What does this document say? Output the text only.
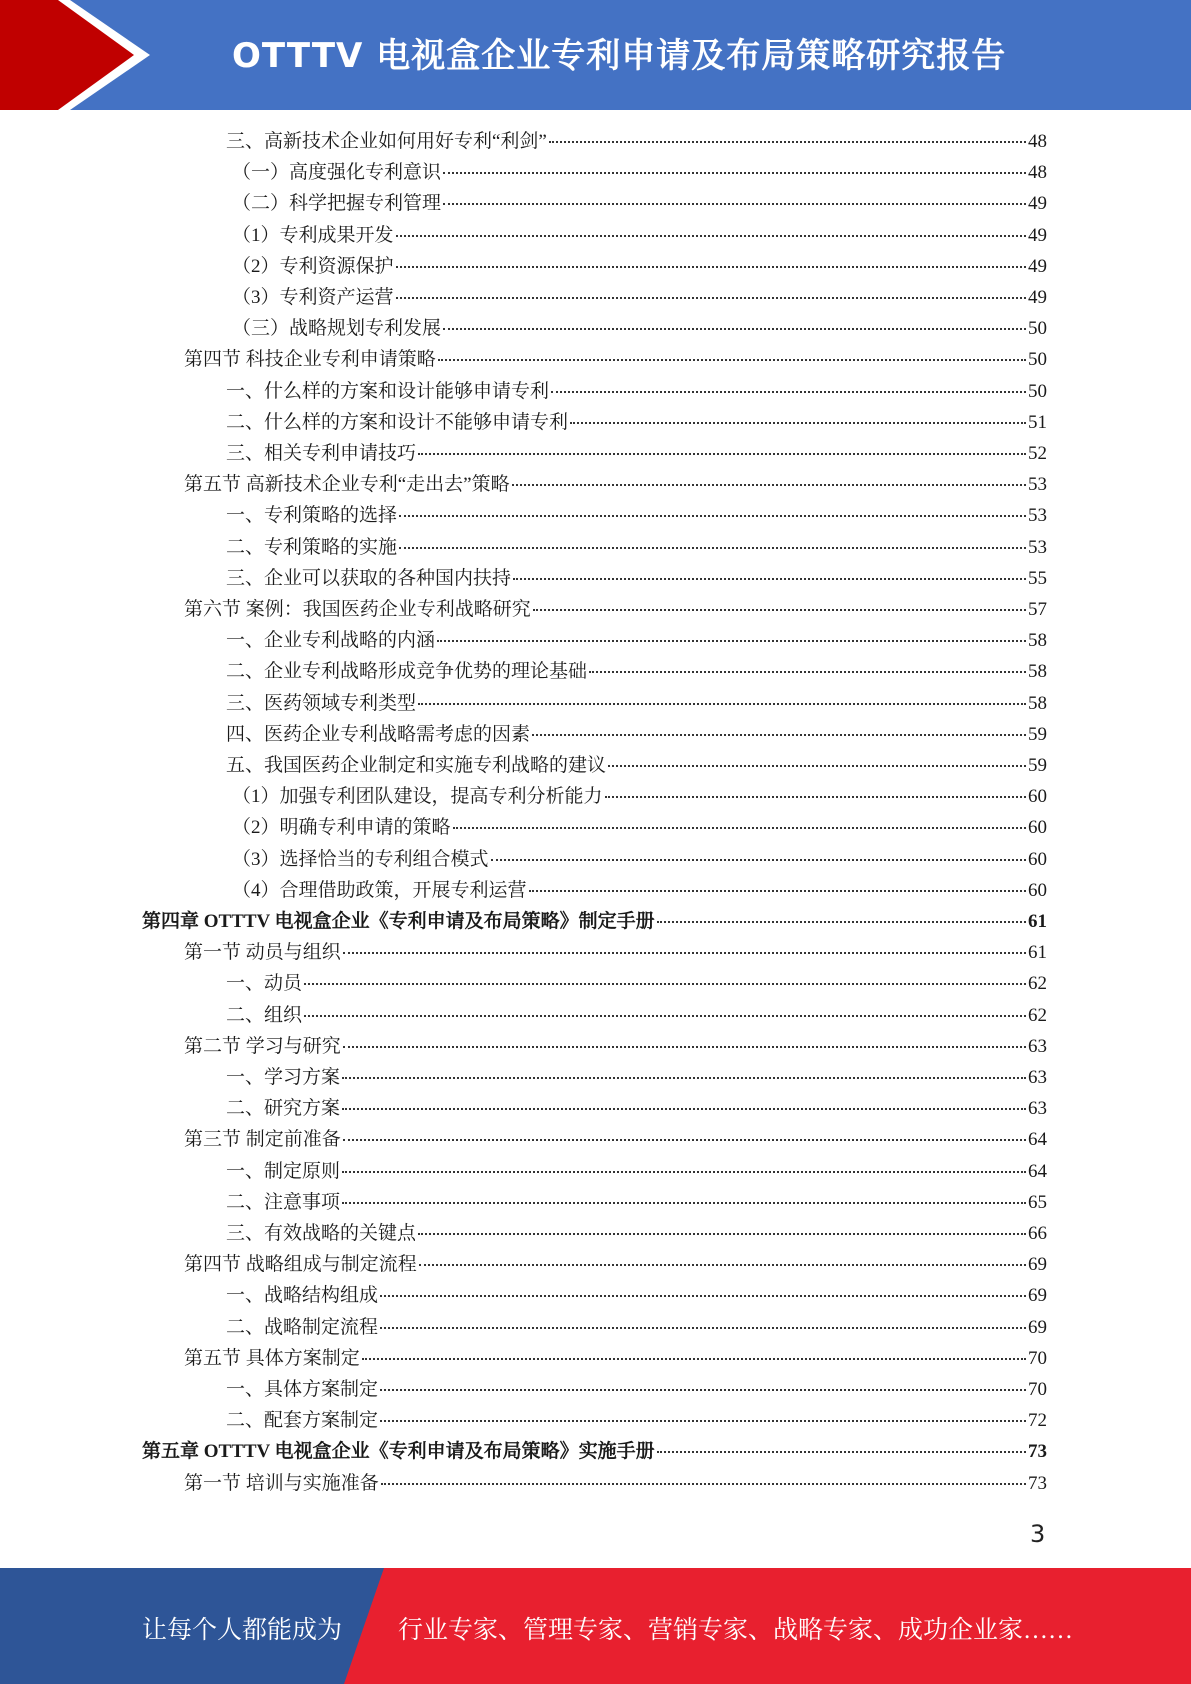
OTTTV 电视盒企业专利申请及布局策略研究报告
三、高新技术企业如何用好专利“利剑”	48
（一）高度强化专利意识	48
（二）科学把握专利管理	49
（1）专利成果开发	49
（2）专利资源保护	49
（3）专利资产运营	49
（三）战略规划专利发展	50
第四节 科技企业专利申请策略	50
一、什么样的方案和设计能够申请专利	50
二、什么样的方案和设计不能够申请专利	51
三、相关专利申请技巧	52
第五节 高新技术企业专利“走出去”策略	53
一、专利策略的选择	53
二、专利策略的实施	53
三、企业可以获取的各种国内扶持	55
第六节 案例：我国医药企业专利战略研究	57
一、企业专利战略的内涵	58
二、企业专利战略形成竞争优势的理论基础	58
三、医药领域专利类型	58
四、医药企业专利战略需考虑的因素	59
五、我国医药企业制定和实施专利战略的建议	59
（1）加强专利团队建设，提高专利分析能力	60
（2）明确专利申请的策略	60
（3）选择恰当的专利组合模式	60
（4）合理借助政策，开展专利运营	60
第四章 OTTTV 电视盒企业《专利申请及布局策略》制定手册	61
第一节 动员与组织	61
一、动员	62
二、组织	62
第二节 学习与研究	63
一、学习方案	63
二、研究方案	63
第三节 制定前准备	64
一、制定原则	64
二、注意事项	65
三、有效战略的关键点	66
第四节 战略组成与制定流程	69
一、战略结构组成	69
二、战略制定流程	69
第五节 具体方案制定	70
一、具体方案制定	70
二、配套方案制定	72
第五章 OTTTV 电视盒企业《专利申请及布局策略》实施手册	73
第一节 培训与实施准备	73
3
让每个人都能成为 行业专家、管理专家、营销专家、战略专家、成功企业家……
